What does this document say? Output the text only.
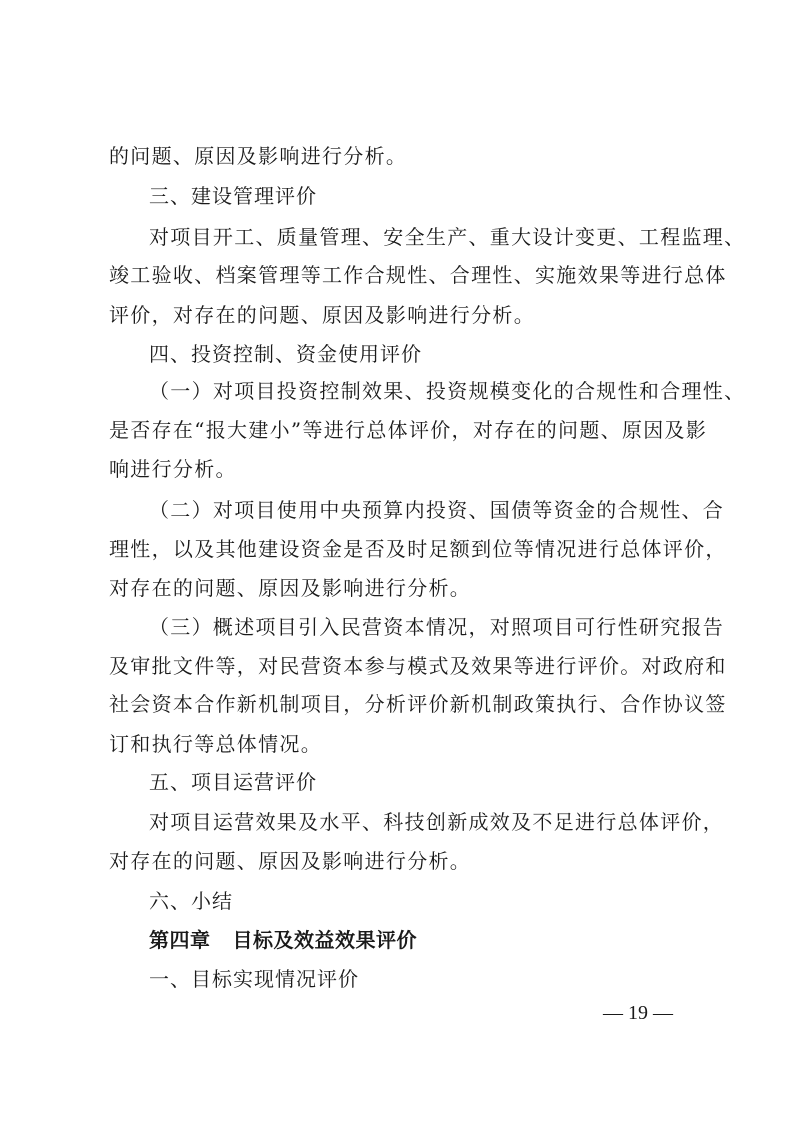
的问题、原因及影响进行分析。
三、建设管理评价
对项目开工、质量管理、安全生产、重大设计变更、工程监理、
竣工验收、档案管理等工作合规性、合理性、实施效果等进行总体
评价，对存在的问题、原因及影响进行分析。
四、投资控制、资金使用评价
（一）对项目投资控制效果、投资规模变化的合规性和合理性、
是否存在“报大建小”等进行总体评价，对存在的问题、原因及影
响进行分析。
（二）对项目使用中央预算内投资、国债等资金的合规性、合
理性，以及其他建设资金是否及时足额到位等情况进行总体评价，
对存在的问题、原因及影响进行分析。
（三）概述项目引入民营资本情况，对照项目可行性研究报告
及审批文件等，对民营资本参与模式及效果等进行评价。对政府和
社会资本合作新机制项目，分析评价新机制政策执行、合作协议签
订和执行等总体情况。
五、项目运营评价
对项目运营效果及水平、科技创新成效及不足进行总体评价，
对存在的问题、原因及影响进行分析。
六、小结
第四章 目标及效益效果评价
一、目标实现情况评价
— 19 —
